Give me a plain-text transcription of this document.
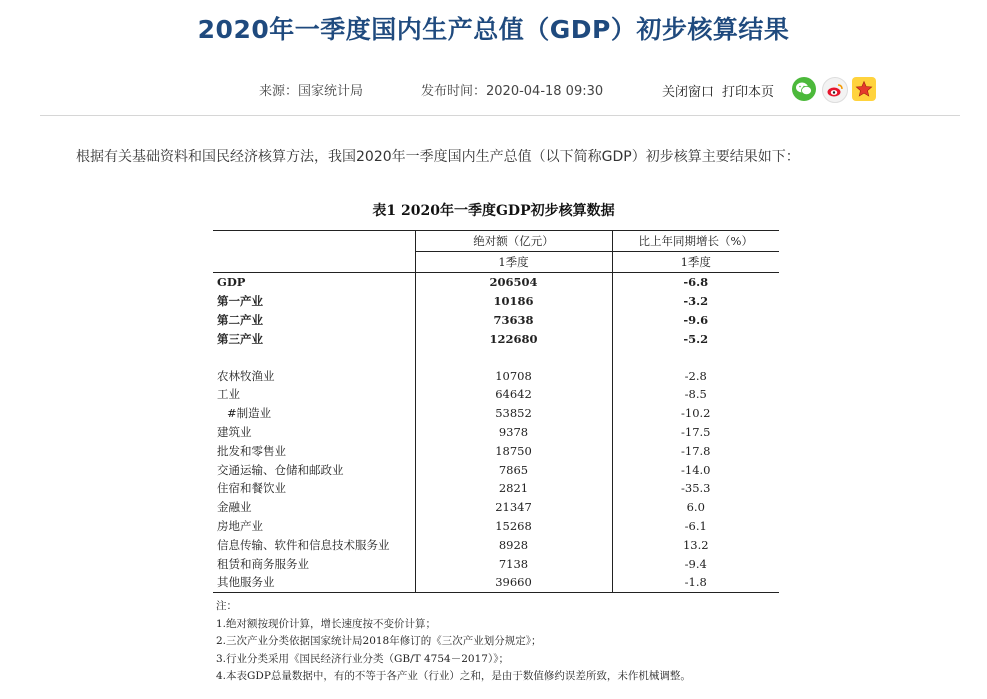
2020年一季度国内生产总值（GDP）初步核算结果
来源：国家统计局	发布时间：2020-04-18 09:30	关闭窗口 打印本页
根据有关基础资料和国民经济核算方法，我国2020年一季度国内生产总值（以下简称GDP）初步核算主要结果如下：
表1 2020年一季度GDP初步核算数据
	绝对额（亿元）	比上年同期增长（%）
	1季度	1季度
GDP	206504	-6.8
第一产业	10186	-3.2
第二产业	73638	-9.6
第三产业	122680	-5.2

农林牧渔业	10708	-2.8
工业	64642	-8.5
#制造业	53852	-10.2
建筑业	9378	-17.5
批发和零售业	18750	-17.8
交通运输、仓储和邮政业	7865	-14.0
住宿和餐饮业	2821	-35.3
金融业	21347	6.0
房地产业	15268	-6.1
信息传输、软件和信息技术服务业	8928	13.2
租赁和商务服务业	7138	-9.4
其他服务业	39660	-1.8
注：
1.绝对额按现价计算，增长速度按不变价计算；
2.三次产业分类依据国家统计局2018年修订的《三次产业划分规定》；
3.行业分类采用《国民经济行业分类（GB/T 4754－2017）》；
4.本表GDP总量数据中，有的不等于各产业（行业）之和，是由于数值修约误差所致，未作机械调整。
